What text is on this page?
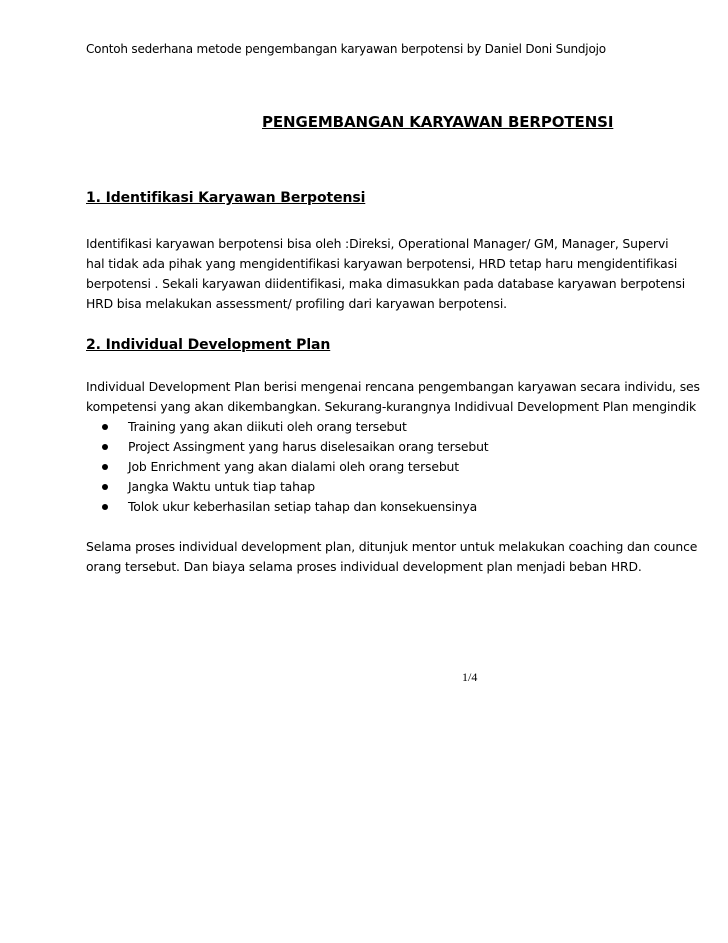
Contoh sederhana metode pengembangan karyawan berpotensi by Daniel Doni Sundjojo
PENGEMBANGAN KARYAWAN BERPOTENSI
1. Identifikasi Karyawan Berpotensi
Identifikasi karyawan berpotensi bisa oleh :Direksi, Operational Manager/ GM, Manager, Supervi
hal tidak ada pihak yang mengidentifikasi karyawan berpotensi, HRD tetap haru mengidentifikasi
berpotensi . Sekali karyawan diidentifikasi, maka dimasukkan pada database karyawan berpotensi
HRD bisa melakukan assessment/ profiling dari karyawan berpotensi.
2. Individual Development Plan
Individual Development Plan berisi mengenai rencana pengembangan karyawan secara individu, ses
kompetensi yang akan dikembangkan. Sekurang-kurangnya Indidivual Development Plan mengindik
Training yang akan diikuti oleh orang tersebut
Project Assingment yang harus diselesaikan orang tersebut
Job Enrichment yang akan dialami oleh orang tersebut
Jangka Waktu untuk tiap tahap
Tolok ukur keberhasilan setiap tahap dan konsekuensinya
Selama proses individual development plan, ditunjuk mentor untuk melakukan coaching dan counce
orang tersebut. Dan biaya selama proses individual development plan menjadi beban HRD.
1/4
